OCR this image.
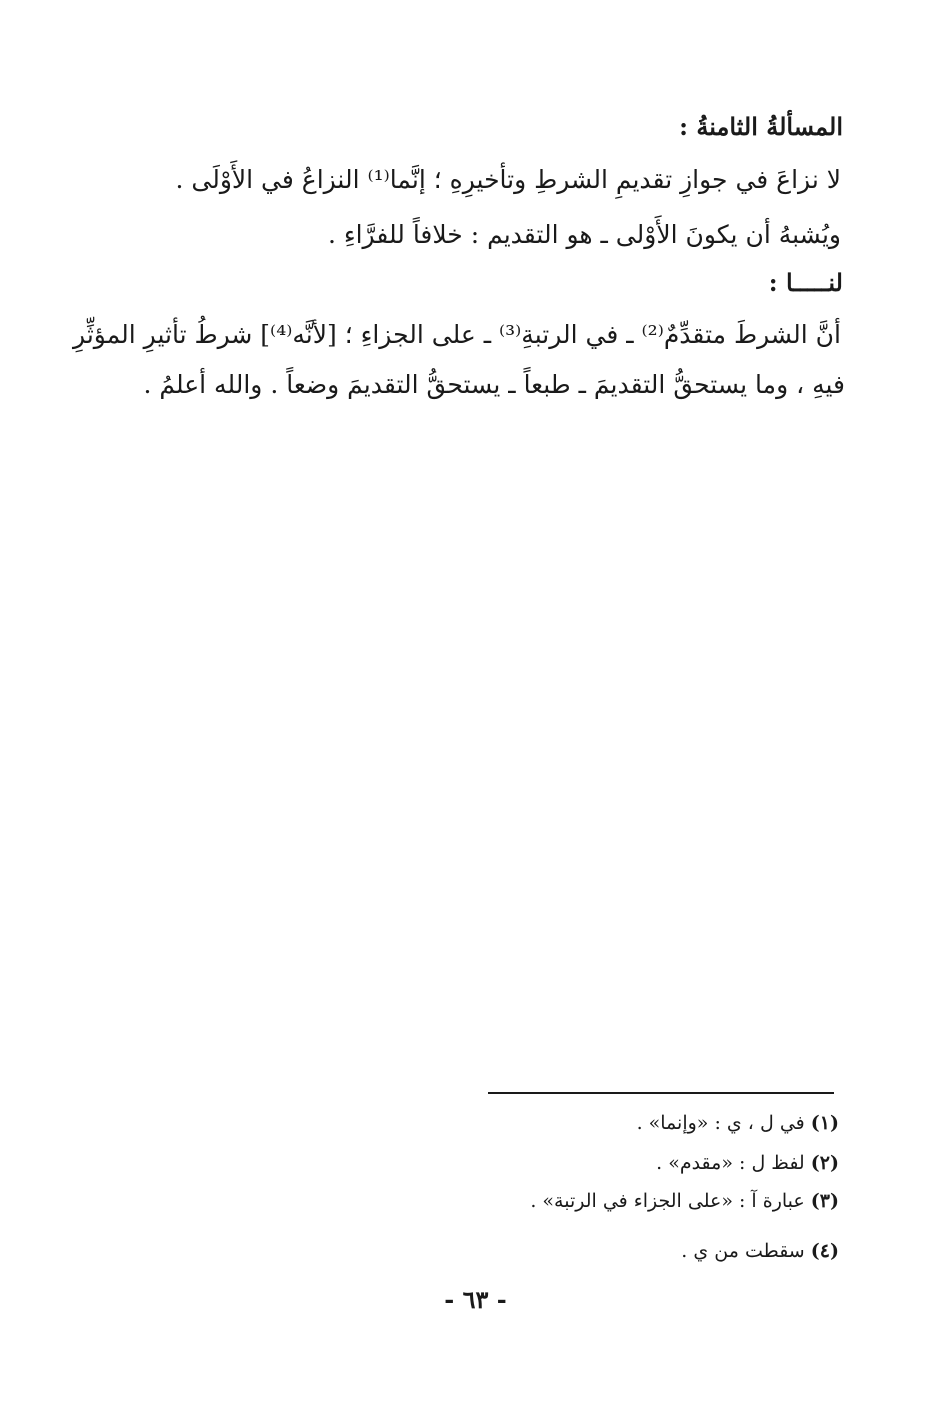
المسألةُ الثامنةُ :
لا نزاعَ في جوازِ تقديمِ الشرطِ وتأخيرِهِ ؛ إنَّما⁽¹⁾ النزاعُ في الأَوْلَى .
ويُشبهُ أن يكونَ الأَوْلى ـ هو التقديم : خلافاً للفرَّاءِ .
لنـــــا :
أنَّ الشرطَ متقدِّمٌ⁽²⁾ ـ في الرتبةِ⁽³⁾ ـ على الجزاءِ ؛ [لأنَّه⁽⁴⁾] شرطُ تأثيرِ المؤثِّرِ
فيهِ ، وما يستحقُّ التقديمَ ـ طبعاً ـ يستحقُّ التقديمَ وضعاً . والله أعلمُ .
(١) في ل ، ي : «وإنما» .
(٢) لفظ ل : «مقدم» .
(٣) عبارة آ : «على الجزاء في الرتبة» .
(٤) سقطت من ي .
- ٦٣ -
